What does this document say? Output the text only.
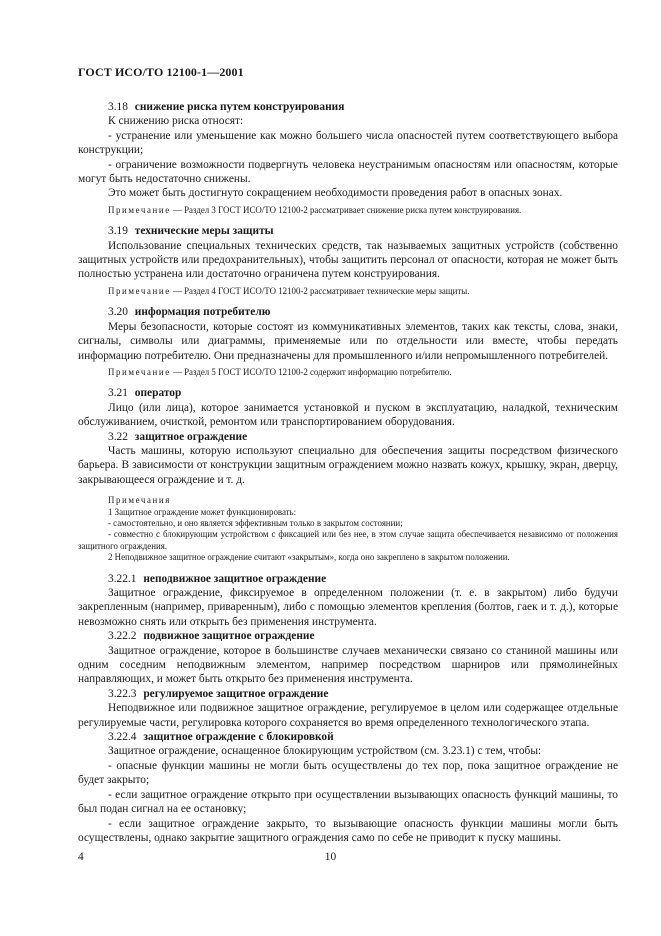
ГОСТ ИСО/ТО 12100-1—2001
3.18 снижение риска путем конструирования

К снижению риска относят:

- устранение или уменьшение как можно большего числа опасностей путем соответствующего выбора конструкции;

- ограничение возможности подвергнуть человека неустранимым опасностям или опасностям, которые могут быть недостаточно снижены.

Это может быть достигнуто сокращением необходимости проведения работ в опасных зонах.

Примечание — Раздел 3 ГОСТ ИСО/ТО 12100-2 рассматривает снижение риска путем конструирования.

3.19 технические меры защиты

Использование специальных технических средств, так называемых защитных устройств (собственно защитных устройств или предохранительных), чтобы защитить персонал от опасности, которая не может быть полностью устранена или достаточно ограничена путем конструирования.

Примечание — Раздел 4 ГОСТ ИСО/ТО 12100-2 рассматривает технические меры защиты.

3.20 информация потребителю

Меры безопасности, которые состоят из коммуникативных элементов, таких как тексты, слова, знаки, сигналы, символы или диаграммы, применяемые или по отдельности или вместе, чтобы передать информацию потребителю. Они предназначены для промышленного и/или непромышленного потребителей.

Примечание — Раздел 5 ГОСТ ИСО/ТО 12100-2 содержит информацию потребителю.

3.21 оператор

Лицо (или лица), которое занимается установкой и пуском в эксплуатацию, наладкой, техническим обслуживанием, очисткой, ремонтом или транспортированием оборудования.

3.22 защитное ограждение

Часть машины, которую используют специально для обеспечения защиты посредством физического барьера. В зависимости от конструкции защитным ограждением можно назвать кожух, крышку, экран, дверцу, закрывающееся ограждение и т. д.

Примечания

1 Защитное ограждение может функционировать:

- самостоятельно, и оно является эффективным только в закрытом состоянии;

- совместно с блокирующим устройством с фиксацией или без нее, в этом случае защита обеспечивается независимо от положения защитного ограждения.

2 Неподвижное защитное ограждение считают «закрытым», когда оно закреплено в закрытом положении.

3.22.1 неподвижное защитное ограждение

Защитное ограждение, фиксируемое в определенном положении (т. е. в закрытом) либо будучи закрепленным (например, приваренным), либо с помощью элементов крепления (болтов, гаек и т. д.), которые невозможно снять или открыть без применения инструмента.

3.22.2 подвижное защитное ограждение

Защитное ограждение, которое в большинстве случаев механически связано со станиной машины или одним соседним неподвижным элементом, например посредством шарниров или прямолинейных направляющих, и может быть открыто без применения инструмента.

3.22.3 регулируемое защитное ограждение

Неподвижное или подвижное защитное ограждение, регулируемое в целом или содержащее отдельные регулируемые части, регулировка которого сохраняется во время определенного технологического этапа.

3.22.4 защитное ограждение с блокировкой

Защитное ограждение, оснащенное блокирующим устройством (см. 3.23.1) с тем, чтобы:

- опасные функции машины не могли быть осуществлены до тех пор, пока защитное ограждение не будет закрыто;

- если защитное ограждение открыто при осуществлении вызывающих опасность функций машины, то был подан сигнал на ее остановку;

- если защитное ограждение закрыто, то вызывающие опасность функции машины могли быть осуществлены, однако закрытие защитного ограждения само по себе не приводит к пуску машины.

4	10
